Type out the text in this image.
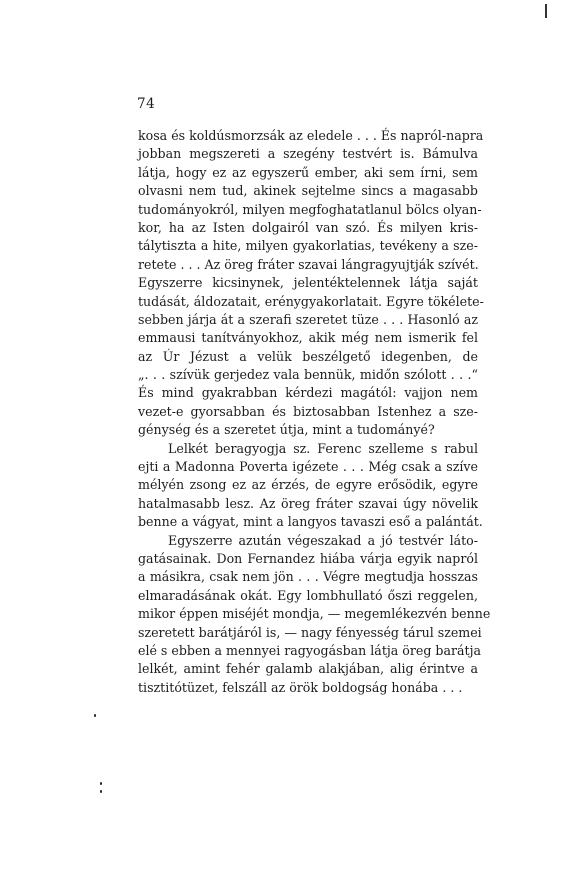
74
kosa és koldúsmorzsák az eledele . . . És napról-napra
jobban megszereti a szegény testvért is. Bámulva
látja, hogy ez az egyszerű ember, aki sem írni, sem
olvasni nem tud, akinek sejtelme sincs a magasabb
tudományokról, milyen megfoghatatlanul bölcs olyan-
kor, ha az Isten dolgairól van szó. És milyen kris-
tálytisztа a hite, milyen gyakorlatias, tevékeny a sze-
retete . . . Az öreg fráter szavai lángragyujtják szívét.
Egyszerre kicsinynek, jelentéktelennek látja saját
tudását, áldozatait, erénygyakorlatait. Egyre tökélete-
sebben járja át a szerafi szeretet tüze . . . Hasonló az
emmausi tanítványokhoz, akik még nem ismerik fel
az Úr Jézust a velük beszélgető idegenben, de
„. . . szívük gerjedez vala bennük, midőn szólott . . .“
És mind gyakrabban kérdezi magától: vajjon nem
vezet-e gyorsabban és biztosabban Istenhez a sze-
génység és a szeretet útja, mint a tudományé?
Lelkét beragyogja sz. Ferenc szelleme s rabul
ejti a Madonna Poverta igézete . . . Még csak a szíve
mélyén zsong ez az érzés, de egyre erősödik, egyre
hatalmasabb lesz. Az öreg fráter szavai úgy növelik
benne a vágyat, mint a langyos tavaszi eső a palántát.
Egyszerre azután végeszakad a jó testvér láto-
gatásainak. Don Fernandez hiába várja egyik napról
a másikra, csak nem jön . . . Végre megtudja hosszas
elmaradásának okát. Egy lombhullató őszi reggelen,
mikor éppen miséjét mondja, — megemlékezvén benne
szeretett barátjáról is, — nagy fényesség tárul szemei
elé s ebben a mennyei ragyogásban látja öreg barátja
lelkét, amint fehér galamb alakjában, alig érintve a
tisztitótüzet, felszáll az örök boldogság honába . . .
